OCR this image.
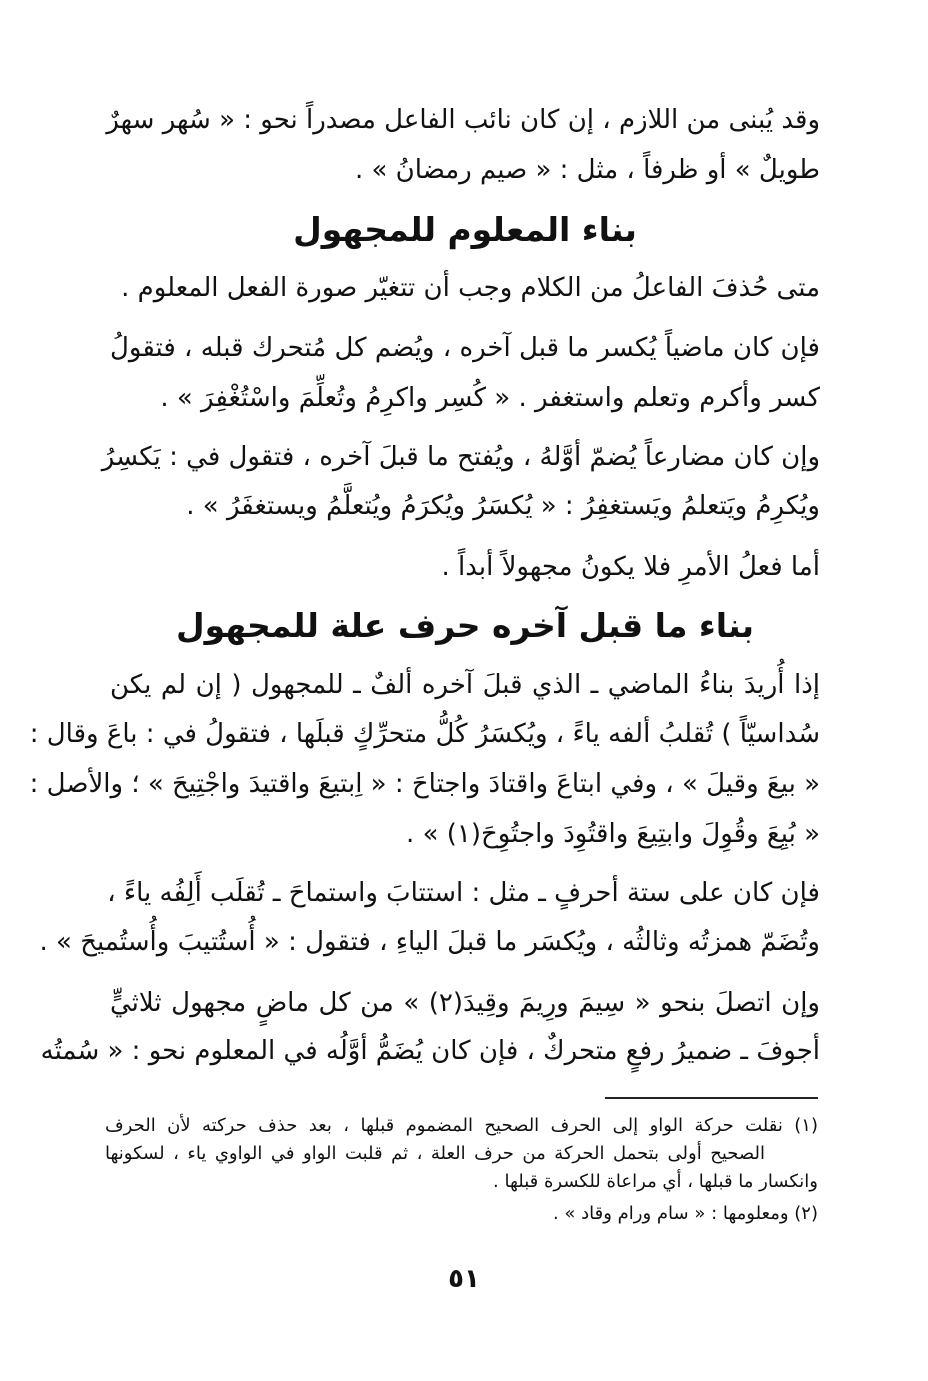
وقد يُبنى من اللازم ، إن كان نائب الفاعل مصدراً نحو : « سُهر سهرٌ
طويلٌ » أو ظرفاً ، مثل : « صيم رمضانُ » .
بناء المعلوم للمجهول
متى حُذفَ الفاعلُ من الكلام وجب أن تتغيّر صورة الفعل المعلوم .
فإن كان ماضياً يُكسر ما قبل آخره ، ويُضم كل مُتحرك قبله ، فتقولُ
كسر وأكرم وتعلم واستغفر . « كُسِر واكرِمُ وتُعلِّمَ واسْتُغْفِرَ » .
وإن كان مضارعاً يُضمّ أوَّلهُ ، ويُفتح ما قبلَ آخره ، فتقول في : يَكسِرُ
ويُكرِمُ ويَتعلمُ ويَستغفِرُ : « يُكسَرُ ويُكرَمُ ويُتعلَّمُ ويستغفَرُ » .
أما فعلُ الأمرِ فلا يكونُ مجهولاً أبداً .
بناء ما قبل آخره حرف علة للمجهول
إذا أُريدَ بناءُ الماضي ـ الذي قبلَ آخره ألفٌ ـ للمجهول ( إن لم يكن
سُداسيّاً ) تُقلبُ ألفه ياءً ، ويُكسَرُ كُلُّ متحرِّكٍ قبلَها ، فتقولُ في : باعَ وقال :
« بيعَ وقيلَ » ، وفي ابتاعَ واقتادَ واجتاحَ : « اِبتيعَ واقتيدَ واجْتِيحَ » ؛ والأصل :
« بُيِعَ وقُوِلَ وابتِيعَ واقتُوِدَ واجتُوِحَ(١) » .
فإن كان على ستة أحرفٍ ـ مثل : استتابَ واستماحَ ـ تُقلَب أَلِفُه ياءً ،
وتُضَمّ همزتُه وثالثُه ، ويُكسَر ما قبلَ الياءِ ، فتقول : « أُستُتيبَ وأُستُميحَ » .
وإن اتصلَ بنحو « سِيمَ ورِيمَ وقِيدَ(٢) » من كل ماضٍ مجهول ثلاثيٍّ
أجوفَ ـ ضميرُ رفعٍ متحركٌ ، فإن كان يُضَمُّ أوَّلُه في المعلوم نحو : « سُمتُه
(١) نقلت حركة الواو إلى الحرف الصحيح المضموم قبلها ، بعد حذف حركته لأن الحرف
الصحيح أولى بتحمل الحركة من حرف العلة ، ثم قلبت الواو في الواوي ياء ، لسكونها
وانكسار ما قبلها ، أي مراعاة للكسرة قبلها .
(٢) ومعلومها : « سام ورام وقاد » .
٥١
